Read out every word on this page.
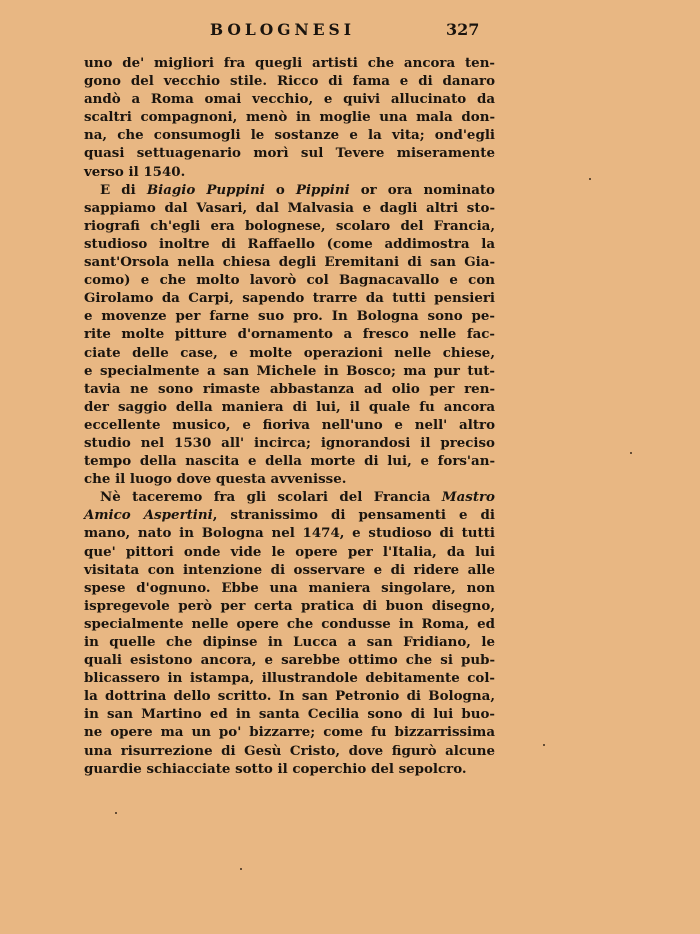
BOLOGNESI	327
uno de' migliori fra quegli artisti che ancora ten-
gono del vecchio stile. Ricco di fama e di danaro
andò a Roma omai vecchio, e quivi allucinato da
scaltri compagnoni, menò in moglie una mala don-
na, che consumogli le sostanze e la vita; ond'egli
quasi settuagenario morì sul Tevere miseramente
verso il 1540.
E di Biagio Puppini o Pippini or ora nominato
sappiamo dal Vasari, dal Malvasia e dagli altri sto-
riografi ch'egli era bolognese, scolaro del Francia,
studioso inoltre di Raffaello (come addimostra la
sant'Orsola nella chiesa degli Eremitani di san Gia-
como) e che molto lavorò col Bagnacavallo e con
Girolamo da Carpi, sapendo trarre da tutti pensieri
e movenze per farne suo pro. In Bologna sono pe-
rite molte pitture d'ornamento a fresco nelle fac-
ciate delle case, e molte operazioni nelle chiese,
e specialmente a san Michele in Bosco; ma pur tut-
tavia ne sono rimaste abbastanza ad olio per ren-
der saggio della maniera di lui, il quale fu ancora
eccellente musico, e fioriva nell'uno e nell' altro
studio nel 1530 all' incirca; ignorandosi il preciso
tempo della nascita e della morte di lui, e fors'an-
che il luogo dove questa avvenisse.
Nè taceremo fra gli scolari del Francia Mastro
Amico Aspertini, stranissimo di pensamenti e di
mano, nato in Bologna nel 1474, e studioso di tutti
que' pittori onde vide le opere per l'Italia, da lui
visitata con intenzione di osservare e di ridere alle
spese d'ognuno. Ebbe una maniera singolare, non
ispregevole però per certa pratica di buon disegno,
specialmente nelle opere che condusse in Roma, ed
in quelle che dipinse in Lucca a san Fridiano, le
quali esistono ancora, e sarebbe ottimo che si pub-
blicassero in istampa, illustrandole debitamente col-
la dottrina dello scritto. In san Petronio di Bologna,
in san Martino ed in santa Cecilia sono di lui buo-
ne opere ma un po' bizzarre; come fu bizzarrissima
una risurrezione di Gesù Cristo, dove figurò alcune
guardie schiacciate sotto il coperchio del sepolcro.
